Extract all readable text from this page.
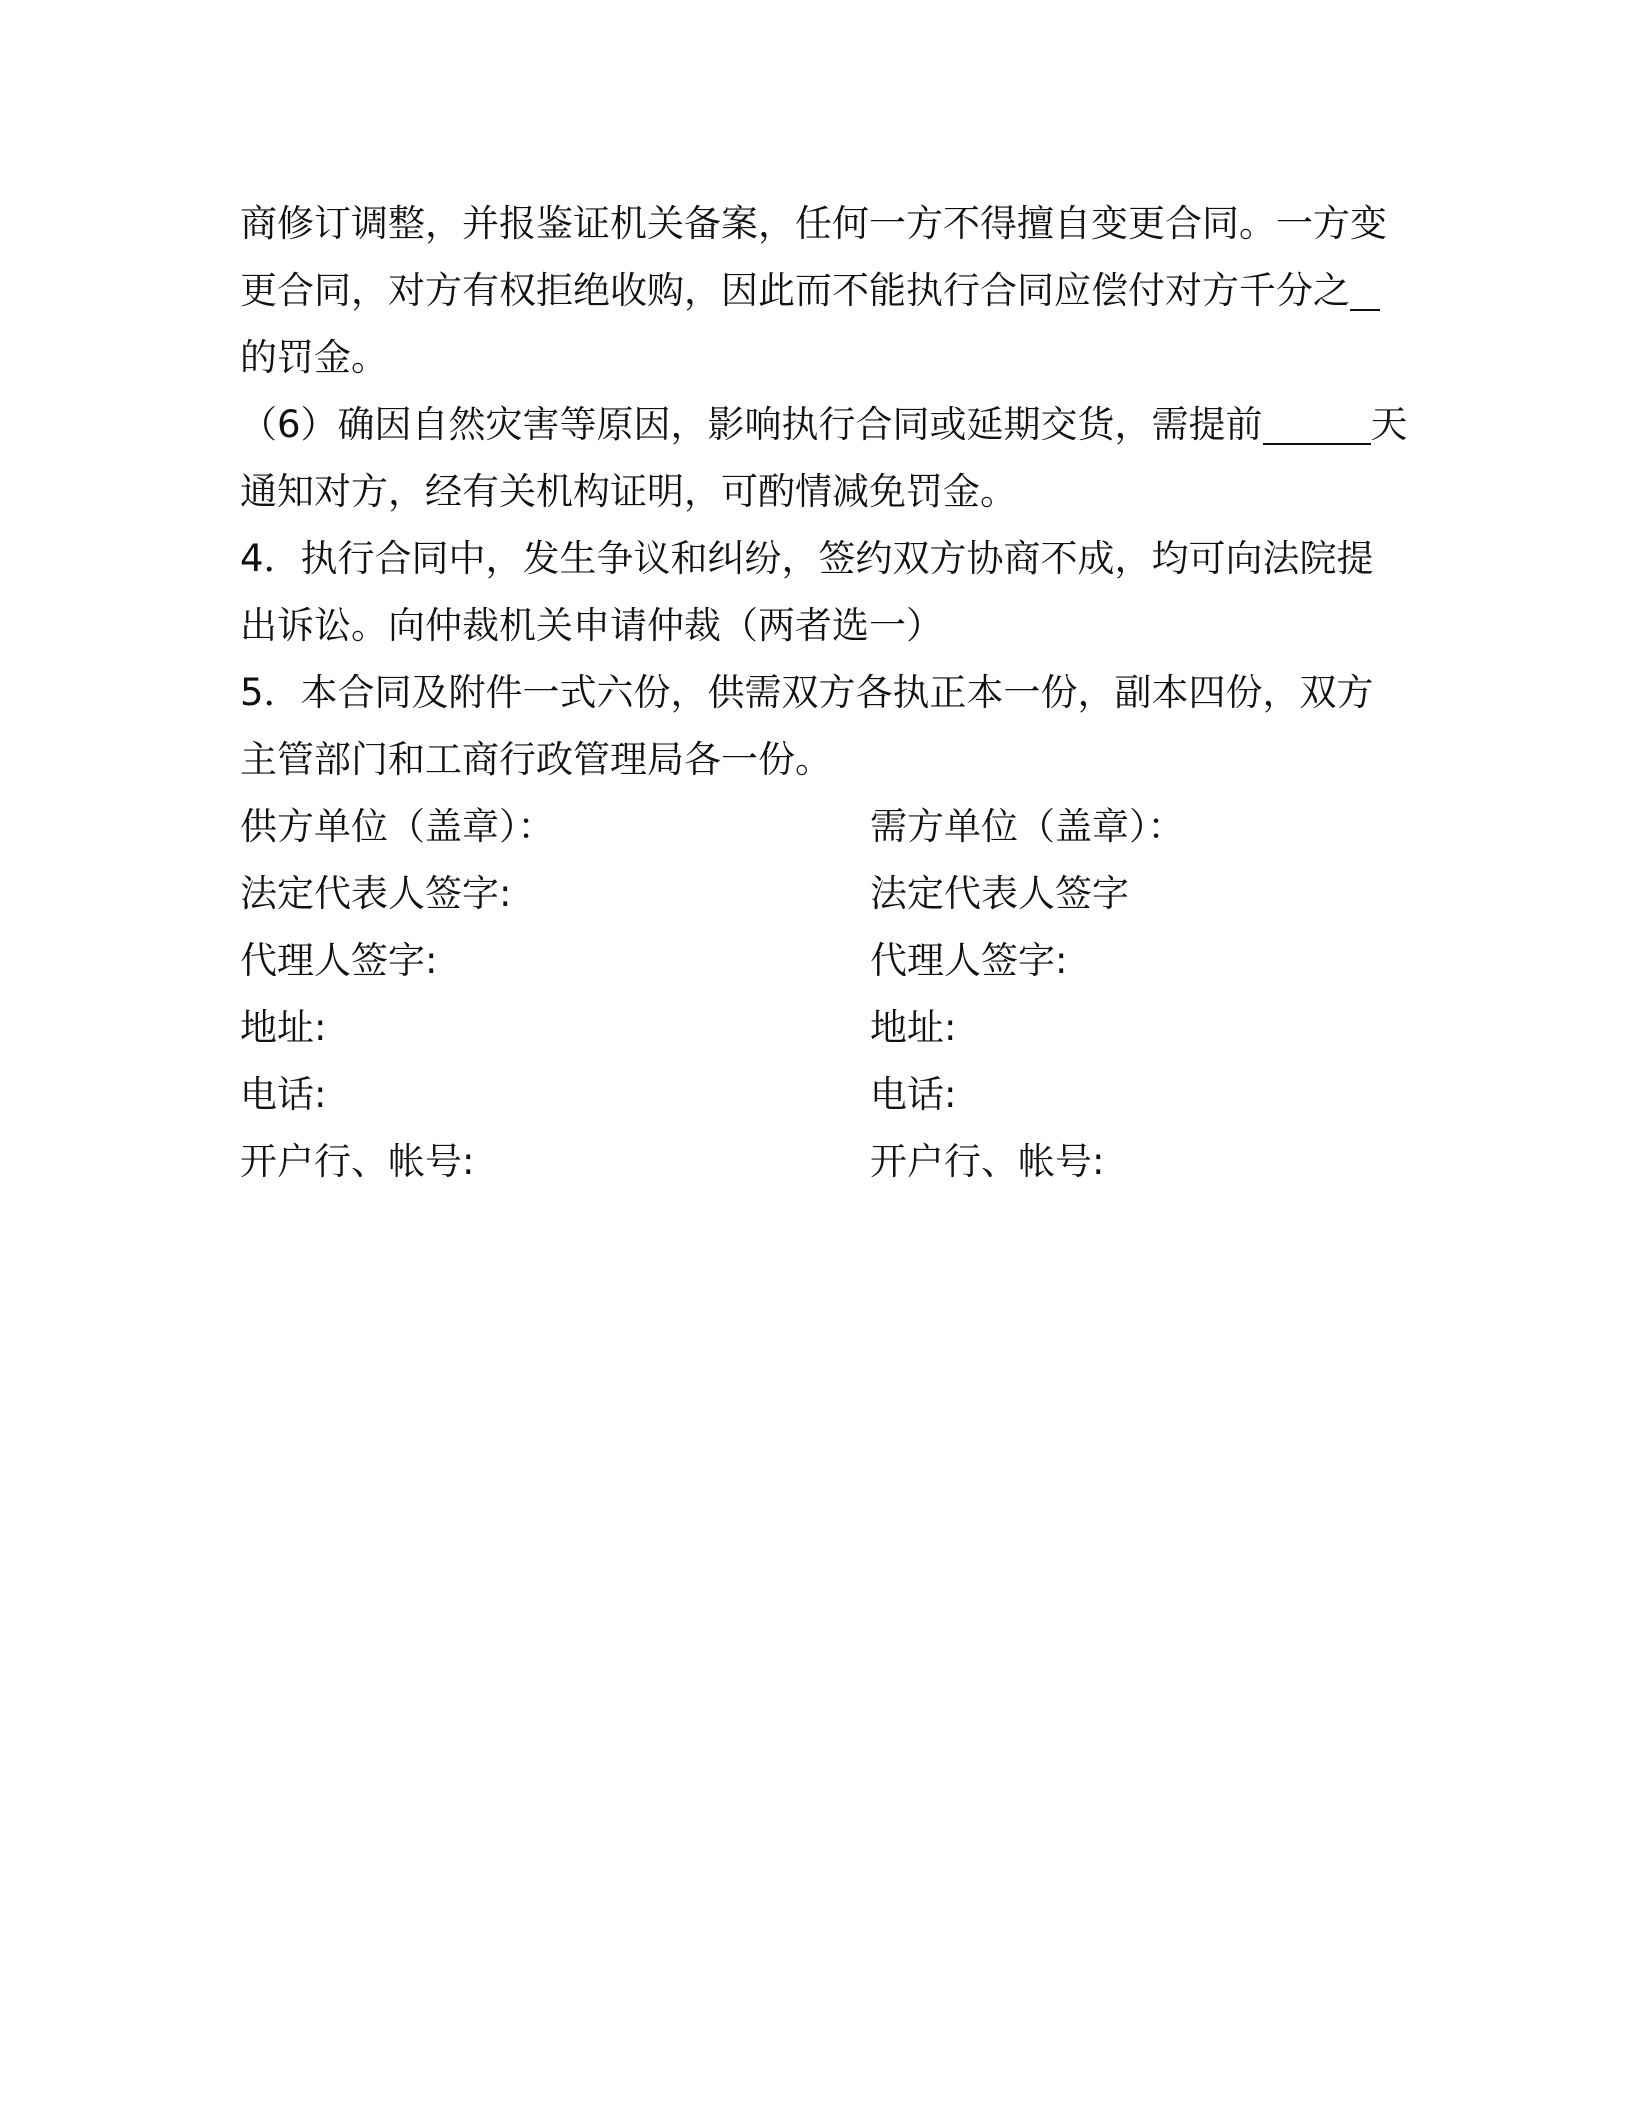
商修订调整，并报鉴证机关备案，任何一方不得擅自变更合同。一方变
更合同，对方有权拒绝收购，因此而不能执行合同应偿付对方千分之
的罚金。
（6）确因自然灾害等原因，影响执行合同或延期交货，需提前	天
通知对方，经有关机构证明，可酌情减免罚金。
4．执行合同中，发生争议和纠纷，签约双方协商不成，均可向法院提
出诉讼。向仲裁机关申请仲裁（两者选一）
5．本合同及附件一式六份，供需双方各执正本一份，副本四份，双方
主管部门和工商行政管理局各一份。
供方单位（盖章）：	需方单位（盖章）：
法定代表人签字:	法定代表人签字
代理人签字:	代理人签字:
地址:	地址:
电话:	电话:
开户行、帐号:	开户行、帐号:
